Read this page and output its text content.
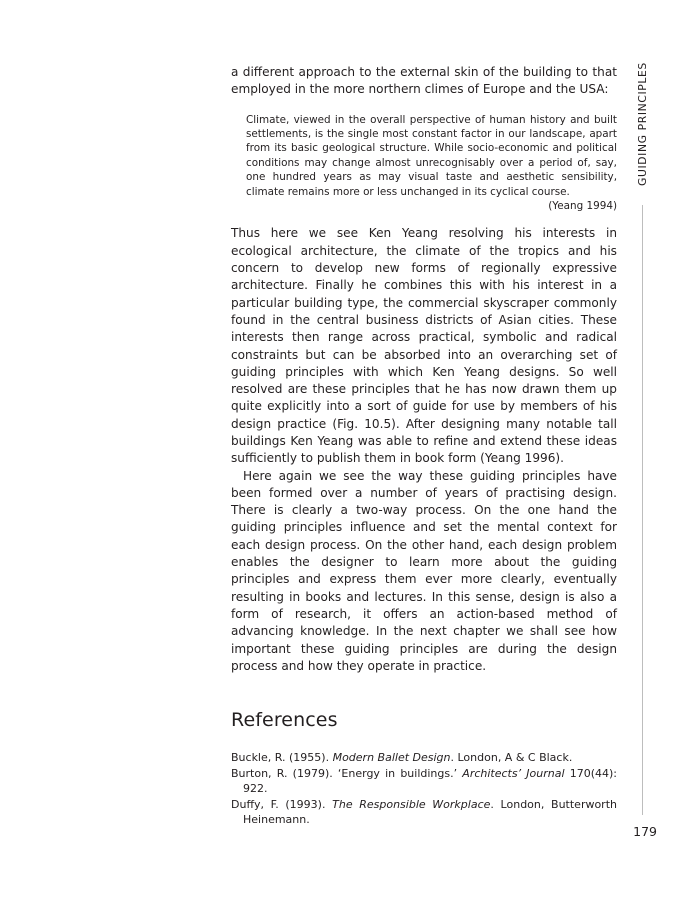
GUIDING PRINCIPLES

a different approach to the external skin of the building to that employed in the more northern climes of Europe and the USA:

Climate, viewed in the overall perspective of human history and built settlements, is the single most constant factor in our landscape, apart from its basic geological structure. While socio-economic and political conditions may change almost unrecognisably over a period of, say, one hundred years as may visual taste and aesthetic sensibility, climate remains more or less unchanged in its cyclical course.

(Yeang 1994)

Thus here we see Ken Yeang resolving his interests in ecological architecture, the climate of the tropics and his concern to develop new forms of regionally expressive architecture. Finally he combines this with his interest in a particular building type, the commercial skyscraper commonly found in the central business districts of Asian cities. These interests then range across practical, symbolic and radical constraints but can be absorbed into an overarching set of guiding principles with which Ken Yeang designs. So well resolved are these principles that he has now drawn them up quite explicitly into a sort of guide for use by members of his design practice (Fig. 10.5). After designing many notable tall buildings Ken Yeang was able to refine and extend these ideas sufficiently to publish them in book form (Yeang 1996).

Here again we see the way these guiding principles have been formed over a number of years of practising design. There is clearly a two-way process. On the one hand the guiding principles influence and set the mental context for each design process. On the other hand, each design problem enables the designer to learn more about the guiding principles and express them ever more clearly, eventually resulting in books and lectures. In this sense, design is also a form of research, it offers an action-based method of advancing knowledge. In the next chapter we shall see how important these guiding principles are during the design process and how they operate in practice.

References

Buckle, R. (1955). Modern Ballet Design. London, A & C Black.

Burton, R. (1979). ‘Energy in buildings.’ Architects’ Journal 170(44): 922.

Duffy, F. (1993). The Responsible Workplace. London, Butterworth Heinemann.

179
